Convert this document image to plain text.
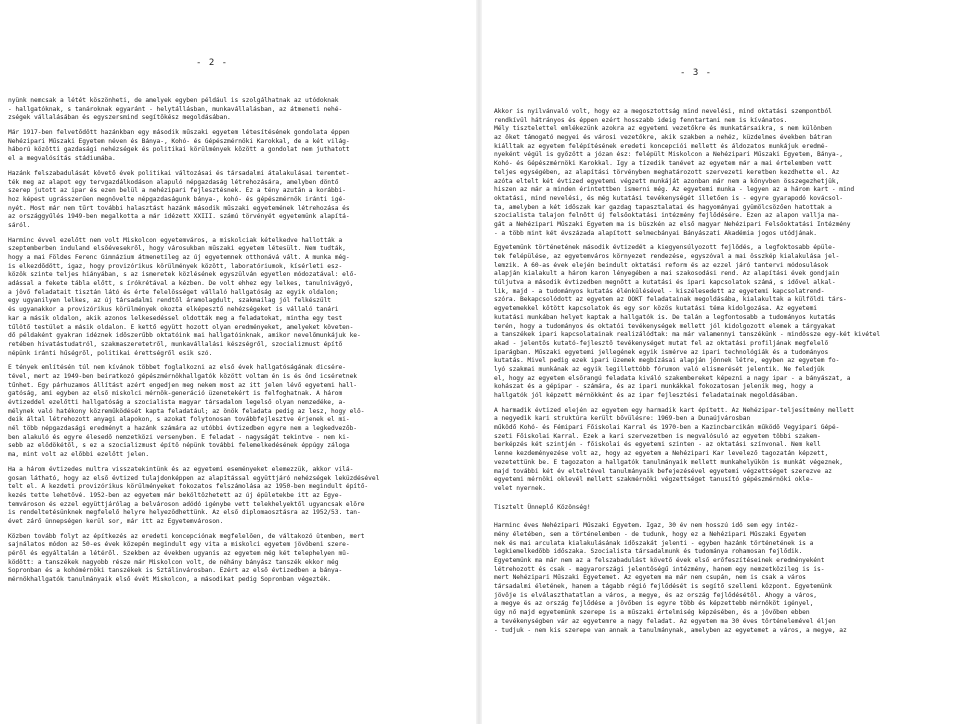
- 2 -
nyünk nemcsak a létét köszönheti, de amelyek egyben például is szolgálhatnak az utódoknak
- hallgatóknak, s tanároknak egyaránt - helytállásban, munkavállalásban, az átmeneti nehé-
zségek vállalásában és egyszersmind segítőkész megoldásában.
Már 1917-ben felvetődött hazánkban egy második műszaki egyetem létesítésének gondolata éppen
Nehézipari Műszaki Egyetem néven és Bánya-, Kohó- és Gépészmérnöki Karokkal, de a két világ-
háború közötti gazdasági nehézségek és politikai körülmények között a gondolat nem juthatott
el a megvalósítás stádiumába.
Hazánk felszabadulását követő évek politikai változásai és társadalmi átalakulásai teremtet-
ték meg az alapot egy tervgazdálkodáson alapuló népgazdaság létrehozására, amelyben döntő
szerep jutott az ipar és ezen belül a nehézipari fejlesztésnek. Ez a tény azután a korábbi-
hoz képest ugrásszerűen megnövelte népgazdaságunk bánya-, kohó- és gépészmérnök iránti igé-
nyét. Most már nem tűrt további halasztást hazánk második műszaki egyetemének létrehozása és
az országgyűlés 1949-ben megalkotta a már idézett XXIII. számú törvényét egyetemünk alapítá-
sáról.
Harminc évvel ezelőtt nem volt Miskolcon egyetemváros, a miskolciak kételkedve hallották a
szeptemberben induland elsőévesekről, hogy városukban műszaki egyetem létesült. Nem tudták,
hogy a mai Földes Ferenc Gimnázium átmenetileg az új egyetemnek otthonává vált. A munka még-
is elkezdődött, igaz, hogy provizórikus körülmények között, laboratóriumok, kísérleti esz-
közök szinte teljes hiányában, s az ismeretek közlésének egyszülván egyetlen módozatával: elő-
adással a fekete tábla előtt, s írókrétával a kézben. De volt ehhez egy lelkes, tanulnivágyó,
a jövő feladatait tisztán látó és érte felelősséget vállaló hallgatóság az egyik oldalon;
egy ugyanilyen lelkes, az új társadalmi rendtől áramolagdult, szakmailag jól felkészült
és ugyanakkor a provizórikus körülmények okozta elképesztő nehézségeket is vállaló tanári
kar a másik oldalon, akik azonos lelkesedéssel oldották meg a feladatokat, mintha egy test
tűlötő testület a másik oldalon. E kettő együtt hozott olyan eredményeket, amelyeket követen-
dő példaként gyakran idéznek időszerűbb oktatóink mai hallgatóinknak, amikor nevelőmunkájuk ke-
retében hivatástudatról, szakmaszeretetről, munkavállalási készségről, szocializmust építő
népünk iránti hűségről, politikai érettségről esik szó.
E tények említésén túl nem kívánok többet foglalkozni az első évek hallgatóságának dicsére-
tével, mert az 1949-ben beiratkozó gépészmérnökhallgatók között voltam én is és önd icséretnek
tűnhet. Egy párhuzamos állítást azért engedjen meg nekem most az itt jelen lévő egyetemi hall-
gatóság, ami egyben az első miskolci mérnök-generáció üzenetekért is felfoghatnak. A három
évtizeddel ezelőtti hallgatóság a szocialista magyar társadalom legelső olyan nemzedéke, a-
mélynek való hatékony közreműködését kapta feladatául; az önök feladata pedig az lesz, hogy elő-
deik által létrehozott anyagi alapokon, s azokat folytonosan továbbfejlesztve érjenek el mi-
nél több népgazdasági eredményt a hazánk számára az utóbbi évtizedben egyre nem a legkedvezőb-
ben alakuló és egyre élesedő nemzetközi versenyben. E feladat - nagyságát tekintve - nem ki-
sebb az elődökétől, s ez a szocializmust építő népünk további felemelkedésének éppúgy záloga
ma, mint volt az előbbi ezelőtt jelen.
Ha a három évtizedes multra visszatekintünk és az egyetemi eseményeket elemezzük, akkor vilá-
gosan látható, hogy az első évtized tulajdonképpen az alapítással együttjáró nehézségek leküzdésével
telt el. A kezdeti provizórikus körülményeket fokozatos felszámolása az 1950-ben megindult építő-
kezés tette lehetővé. 1952-ben az egyetem már beköltözhetett az új épületekbe itt az Egye-
temvároson és ezzel együttjárólag a belvároson adódó igénybe vett telekhelyektől ugyancsak előre
is rendeltetésünknek megfelelő helyre helyeződhettünk. Az első diplomaosztásra az 1952/53. tan-
évet zárő ünnepségen kerül sor, már itt az Egyetemvároson.
Közben tovább folyt az építkezés az eredeti koncepciónak megfelelően, de váltakozó ütemben, mert
sajnálatos módon az 50-es évek közepén megindult egy vita a miskolci egyetem jövőbeni szere-
péről és egyáltalán a létéről. Szekben az években ugyanis az egyetem még két telephelyen mű-
ködött: a tanszékek nagyobb része már Miskolcon volt, de néhány bányász tanszék ekkor még
Sopronban és a kohómérnöki tanszékek is Sztálinvárosban. Ezért az első évtizedben a bánya-
mérnökhallgatók tanulmányaik első évét Miskolcon, a másodikat pedig Sopronban végezték.
- 3 -
Akkor is nyilvánvaló volt, hogy ez a megosztottság mind nevelési, mind oktatási szempontból
rendkívül hátrányos és éppen ezért hosszabb ideig fenntartani nem is kívánatos.
Mély tisztelettel emlékezünk azokra az egyetemi vezetőkre és munkatársaikra, s nem különben
az őket támogató megyei és városi vezetőkre, akik szakben a nehéz, küzdelmes években bátran
kiálltak az egyetem felépítésének eredeti koncepciói mellett és áldozatos munkájuk eredmé-
nyeként végül is győzött a józan ész: felépült Miskolcon a Nehézipari Műszaki Egyetem, Bánya-,
Kohó- és Gépészmérnöki Karokkal. Így a tízedik tanévet az egyetem már a mai értelemben vett
teljes egységében, az alapítási törvényben meghatározott szervezeti keretben kezdhette el. Az
azóta eltelt két évtized egyetemi végzett munkáját azonban már nem a könyvben összegezhetjük,
hiszen az már a minden érintettben ismerni még. Az egyetemi munka - legyen az a három kart - mind
oktatási, mind nevelési, és még kutatási tevékenységét illetően is - egyre gyarapodó kovácsol-
ta, amelyben a két időszak kar gazdag tapasztalatai és hagyományai gyümölcsözően hatottak a
szocialista talajon felnőtt új felsőoktatási intézmény fejlődésére. Ezen az alapon vallja ma-
gát a Nehézipari Műszaki Egyetem ma is büszkén az első magyar Nehézipari Felsőoktatási Intézmény
- a több mint két évszázada alapított selmecbányai Bányászati Akadémia jogos utódjának.
Egyetemünk történetének második évtizedét a kiegyensúlyozott fejlődés, a legfoktosabb épüle-
tek felépülése, az egyetemváros környezet rendezése, egyszóval a mai összkép kialakulása jel-
lemzik. A 60-as évek elején beindult oktatási reform és az ezzel járó tantervi módosulások
alapján kialakult a három karon lényegében a mai szakosodási rend. Az alapítási évek gondjain
túljutva a második évtizedben megnőtt a kutatási és ipari kapcsolatok számá, s idővel alkal-
lik, majd - a tudományos kutatás élénkülésével - kiszélesedett az egyetemi kapcsolatrend-
szóra. Bekapcsolódott az egyetem az OOKT feladatainak megoldásába, kialakultak a külföldi társ-
egyetemekkel kötött kapcsolatok és egy sor közös kutatási téma kidolgozása. Az egyetemi
kutatási munkában helyet kaptak a hallgatók is. De talán a legfontosabb a tudományos kutatás
terén, hogy a tudományos és oktatói tevékenységek mellett jól kidolgozott elemek a tárgyakat
a tanszékek ipari kapcsolatainak realizálódtak: ma már valamennyi tanszékünk - mindössze egy-két kivétel
akad - jelentős kutató-fejlesztő tevékenységet mutat fel az oktatási profiljának megfelelő
iparágban. Műszaki egyetemi jellegének egyik ismérve az ipari technológiák és a tudományos
kutatás. Mivel pedig ezek ipari üzemek megbízásai alapján jönnek létre, egyben az egyetem fo-
lyó szakmai munkának az egyik legillettóbb fórumon való elismerését jelentik. Ne feledjük
el, hogy az egyetem elsőrangú feladata kiváló szakembereket képezni a nagy ipar - a bányászat, a
kohászat és a gépipar - számára, és az ipari munkákkal fokozatosan jelenik meg, hogy a
hallgatók jól képzett mérnökként és az ipar fejlesztési feladatainak megoldásában.
A harmadik évtized elején az egyetem egy harmadik kart épített. Az Nehézipar-teljesítmény mellett
a negyedik kari struktúra került bővülésre: 1969-ben a Dunaújvárosban
működő Kohó- és Fémipari Főiskolai Karral és 1970-ben a Kazincbarcikán működő Vegyipari Gépé-
szeti Főiskolai Karral. Ezek a kari szervezetben is megvalósuló az egyetem többi szakem-
berképzés két szintjén - főiskolai és egyetemi szinten - az oktatási színvonal. Nem kell
lenne kezdeményezése volt az, hogy az egyetem a Nehézipari Kar levelező tagozatán képzett,
vezetettünk be. E tagozaton a hallgatók tanulmányaik mellett munkahelyükön is munkát végeznek,
majd további két év elteltével tanulmányaik befejezésével egyetemi végzettséget szerezve az
egyetemi mérnöki oklevél mellett szakmérnöki végzettséget tanusító gépészmérnöki okle-
velet nyernek.
Tisztelt Ünneplő Közönség!
Harminc éves Nehézipari Műszaki Egyetem. Igaz, 30 év nem hosszú idő sem egy intéz-
mény életében, sem a történelemben - de tudunk, hogy ez a Nehézipari Műszaki Egyetem
nek és mai arculata kialakulásának időszakát jelenti - egyben hazánk történetének is a
legkiemelkedőbb időszaka. Szocialista társadalmunk és tudománya rohamosan fejlődik.
Egyetemünk ma már nem az a felszabadulást követő évek első erőfeszítéseinek eredményeként
létrehozott és csak - magyarországi jelentőségű intézmény, hanem egy nemzetközileg is is-
mert Nehézipari Műszaki Egyetemet. Az egyetem ma már nem csupán, nem is csak a város
társadalmi életének, hanem a tágabb régió fejlődését is segítő szellemi központ. Egyetemünk
jövője is elválaszthatatlan a város, a megye, és az ország fejlődésétől. Ahogy a város,
a megye és az ország fejlődése a jövőben is egyre több és képzettebb mérnököt igényel,
úgy nő majd egyetemünk szerepe is a műszaki értelmiség képzésében, és a jövőben ebben
a tevékenységben vár az egyetemre a nagy feladat. Az egyetem ma 30 éves történelemével éljen
- tudjuk - nem kis szerepe van annak a tanulmánynak, amelyben az egyetemet a város, a megye, az
